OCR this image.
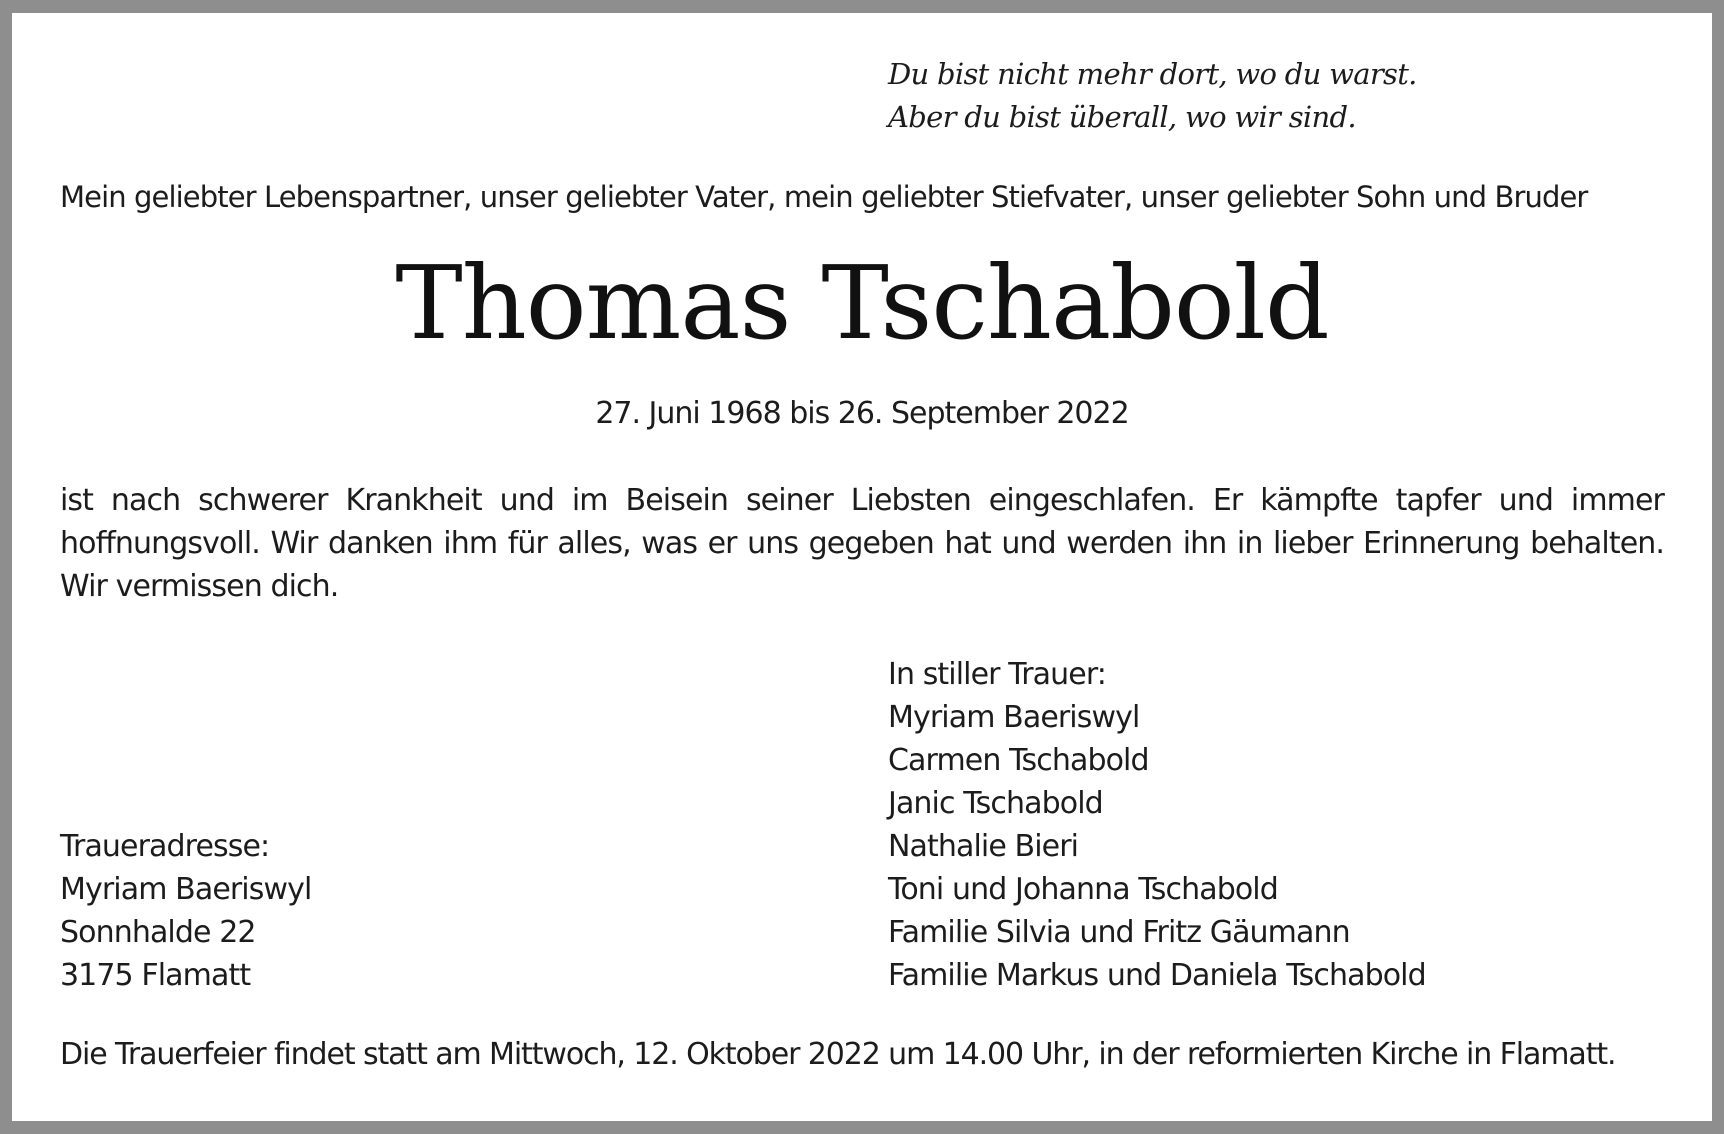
Du bist nicht mehr dort, wo du warst.
Aber du bist überall, wo wir sind.
Mein geliebter Lebenspartner, unser geliebter Vater, mein geliebter Stiefvater, unser geliebter Sohn und Bruder
Thomas Tschabold
27. Juni 1968 bis 26. September 2022
ist nach schwerer Krankheit und im Beisein seiner Liebsten eingeschlafen. Er kämpfte tapfer und immer hoffnungsvoll. Wir danken ihm für alles, was er uns gegeben hat und werden ihn in lieber Erinnerung behalten. Wir vermissen dich.
In stiller Trauer:
Myriam Baeriswyl
Carmen Tschabold
Janic Tschabold
Nathalie Bieri
Toni und Johanna Tschabold
Familie Silvia und Fritz Gäumann
Familie Markus und Daniela Tschabold
Traueradresse:
Myriam Baeriswyl
Sonnhalde 22
3175 Flamatt
Die Trauerfeier findet statt am Mittwoch, 12. Oktober 2022 um 14.00 Uhr, in der reformierten Kirche in Flamatt.
